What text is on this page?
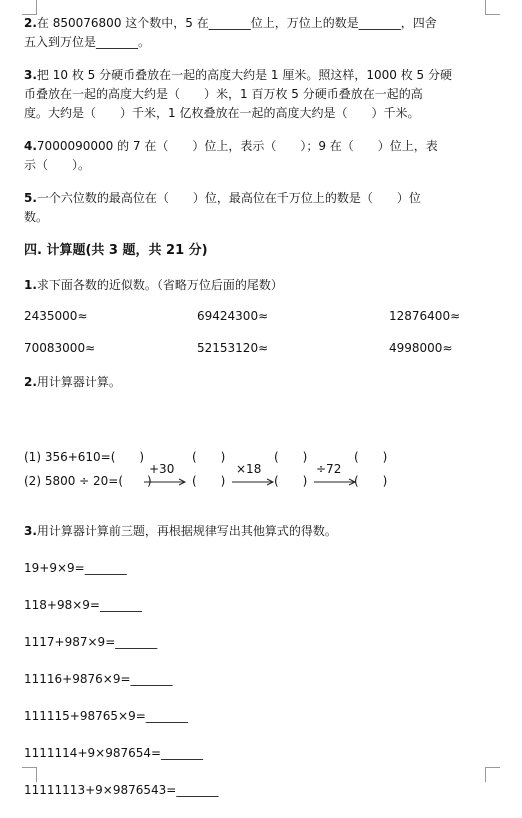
2.在 850076800 这个数中，5 在_______位上，万位上的数是_______，四舍

五入到万位是_______。

3.把 10 枚 5 分硬币叠放在一起的高度大约是 1 厘米。照这样，1000 枚 5 分硬

币叠放在一起的高度大约是（　　）米，1 百万枚 5 分硬币叠放在一起的高

度。大约是（　　）千米，1 亿枚叠放在一起的高度大约是（　　）千米。

4.7000090000 的 7 在（　　）位上，表示（　　）；9 在（　　）位上，表

示（　　）。

5.一个六位数的最高位在（　　）位，最高位在千万位上的数是（　　）位

数。

四. 计算题(共 3 题，共 21 分)

1.求下面各数的近似数。（省略万位后面的尾数）

2435000≈	69424300≈	12876400≈
70083000≈	52153120≈	4998000≈

2.用计算器计算。

(1) 356+610=(　　)	(　　)	(　　)	(　　)
(2) 5800 ÷ 20=(　　)	(　　)	(　　)	(　　)
+30	×18	÷72

3.用计算器计算前三题，再根据规律写出其他算式的得数。

19+9×9=_______

118+98×9=_______

1117+987×9=_______

11116+9876×9=_______

111115+98765×9=_______

1111114+9×987654=_______

11111113+9×9876543=_______
